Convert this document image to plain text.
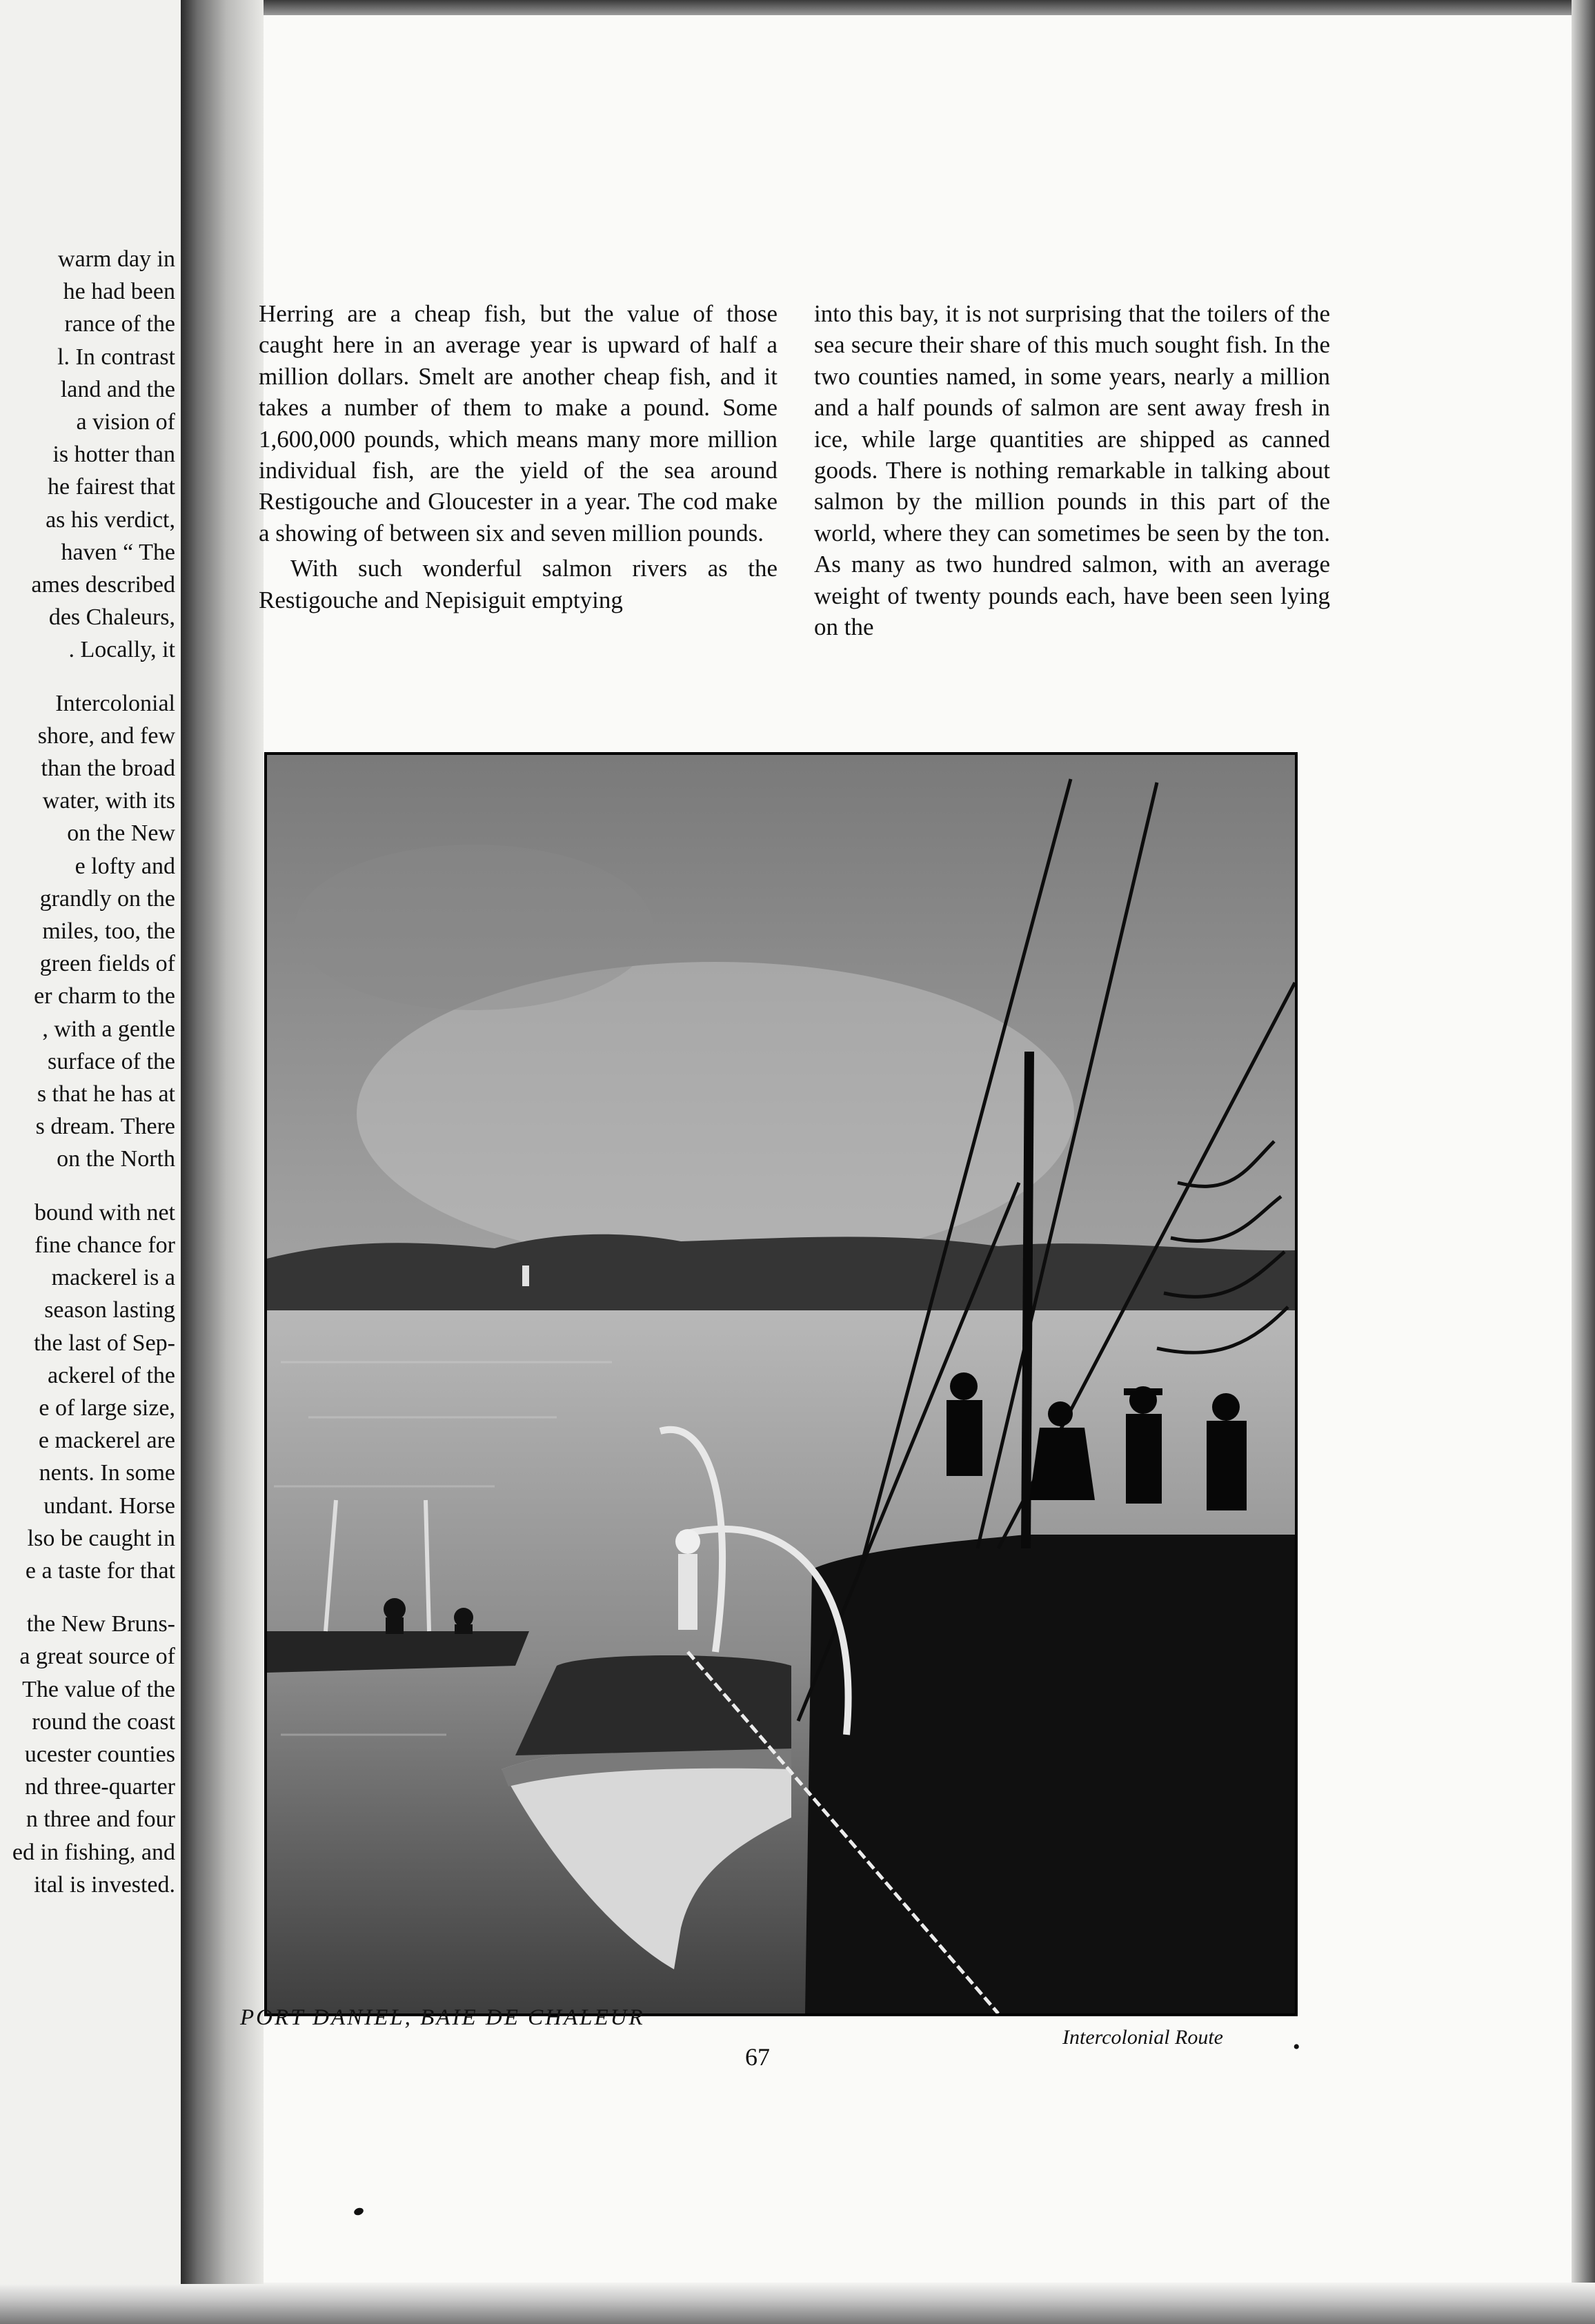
warm day in
he had been
rance of the
l. In contrast
land and the
a vision of
is hotter than
he fairest that
as his verdict,
haven “ The
ames described
des Chaleurs,
. Locally, it
Intercolonial
shore, and few
than the broad
water, with its
on the New
e lofty and
grandly on the
miles, too, the
green fields of
er charm to the
, with a gentle
surface of the
s that he has at
s dream. There
on the North
bound with net
fine chance for
mackerel is a
season lasting
the last of Sep-
ackerel of the
e of large size,
e mackerel are
nents. In some
undant. Horse
lso be caught in
e a taste for that
the New Bruns-
a great source of
The value of the
round the coast
ucester counties
nd three-quarter
n three and four
ed in fishing, and
ital is invested.

Herring are a cheap fish, but the value of those caught here in an average year is upward of half a million dollars. Smelt are another cheap fish, and it takes a number of them to make a pound. Some 1,600,000 pounds, which means many more million individual fish, are the yield of the sea around Restigouche and Gloucester in a year. The cod make a showing of between six and seven million pounds.

With such wonderful salmon rivers as the Restigouche and Nepisiguit emptying

into this bay, it is not surprising that the toilers of the sea secure their share of this much sought fish. In the two counties named, in some years, nearly a million and a half pounds of salmon are sent away fresh in ice, while large quantities are shipped as canned goods. There is nothing remarkable in talking about salmon by the million pounds in this part of the world, where they can sometimes be seen by the ton. As many as two hundred salmon, with an average weight of twenty pounds each, have been seen lying on the

PORT DANIEL, BAIE DE CHALEUR
Intercolonial Route	•
67
